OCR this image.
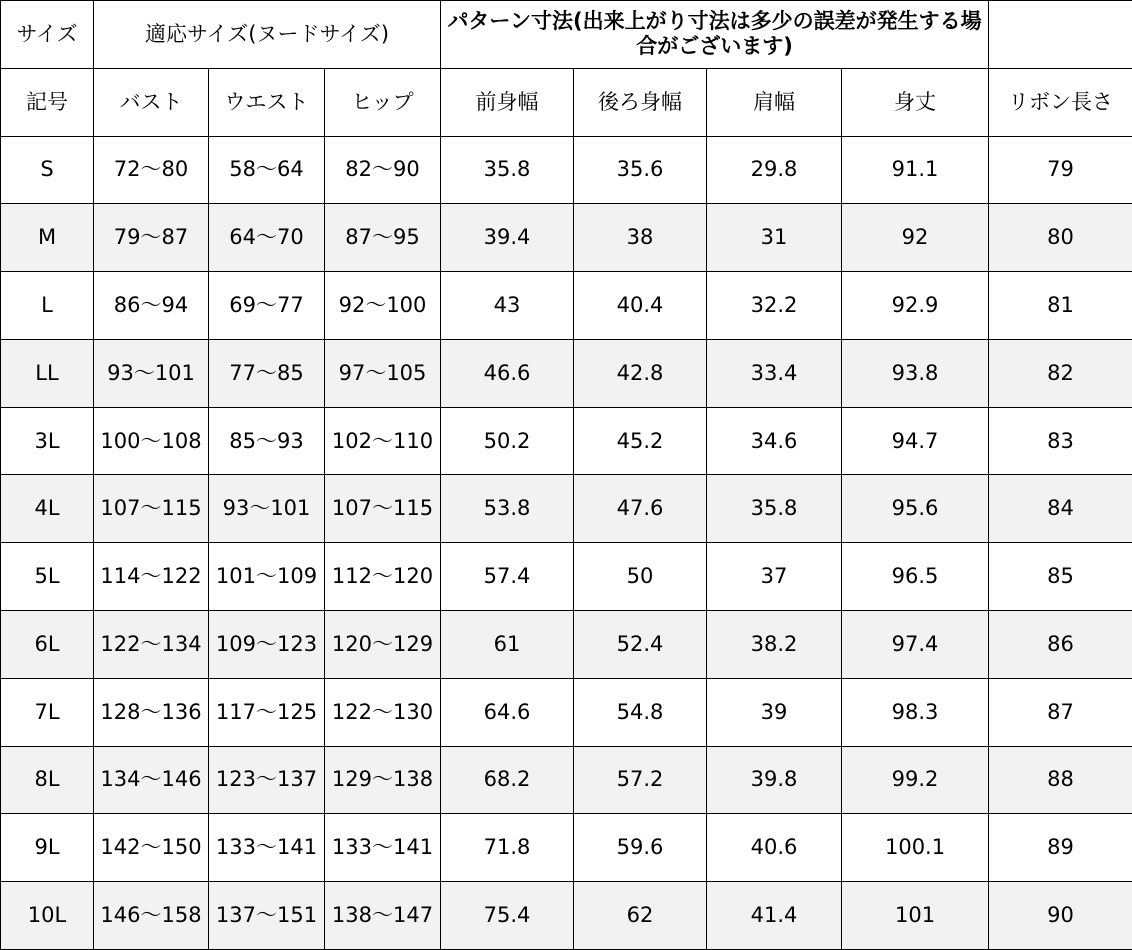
サイズ	適応サイズ(ヌードサイズ)			パターン寸法(出来上がり寸法は多少の誤差が発生する場合がございます)				
記号	バスト	ウエスト	ヒップ	前身幅	後ろ身幅	肩幅	身丈	リボン長さ
S	72～80	58～64	82～90	35.8	35.6	29.8	91.1	79
M	79～87	64～70	87～95	39.4	38	31	92	80
L	86～94	69～77	92～100	43	40.4	32.2	92.9	81
LL	93～101	77～85	97～105	46.6	42.8	33.4	93.8	82
3L	100～108	85～93	102～110	50.2	45.2	34.6	94.7	83
4L	107～115	93～101	107～115	53.8	47.6	35.8	95.6	84
5L	114～122	101～109	112～120	57.4	50	37	96.5	85
6L	122～134	109～123	120～129	61	52.4	38.2	97.4	86
7L	128～136	117～125	122～130	64.6	54.8	39	98.3	87
8L	134～146	123～137	129～138	68.2	57.2	39.8	99.2	88
9L	142～150	133～141	133～141	71.8	59.6	40.6	100.1	89
10L	146～158	137～151	138～147	75.4	62	41.4	101	90
